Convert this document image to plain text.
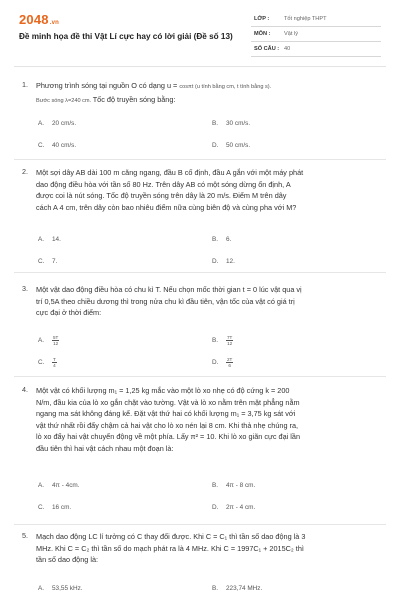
2048.vn
Đề minh họa đề thi Vật Lí cực hay có lời giải (Đề số 13)
LỚP :	Tốt nghiệp THPT
MÔN : Vật lý
SỐ CÂU : 40
1. Phương trình sóng tại nguồn O có dạng u = cosπt (u tính bằng cm, t tính bằng s).
Bước sóng λ=240 cm. Tốc độ truyền sóng bằng:
A. 20 cm/s.	B. 30 cm/s.
C. 40 cm/s.	D. 50 cm/s.
2. Một sợi dây AB dài 100 m căng ngang, đầu B cố định, đầu A gắn với một máy phát
dao động điều hòa với tần số 80 Hz. Trên dây AB có một sóng dừng ổn định, A
được coi là nút sóng. Tốc độ truyền sóng trên dây là 20 m/s. Điểm M trên dây
cách A 4 cm, trên dây còn bao nhiêu điểm nữa cùng biên độ và cùng pha với M?
A. 14.	B. 6.
C. 7.	D. 12.
3. Một vật dao động điều hòa có chu kì T. Nếu chọn mốc thời gian t = 0 lúc vật qua vị
trí 0,5A theo chiều dương thì trong nửa chu kì đầu tiên, vận tốc của vật có giá trị
cực đại ở thời điểm:
A. $\frac{5T}{12}$	B. $\frac{7T}{12}$
C. $\frac{T}{4}$	D. $\frac{2T}{6}$
4. Một vật có khối lượng m₁ = 1,25 kg mắc vào một lò xo nhẹ có độ cứng k = 200
N/m, đầu kia của lò xo gắn chặt vào tường. Vật và lò xo nằm trên mặt phẳng nằm
ngang ma sát không đáng kể. Đặt vật thứ hai có khối lượng m₁ = 3,75 kg sát với
vật thứ nhất rồi đẩy chậm cả hai vật cho lò xo nén lại 8 cm. Khi thả nhẹ chúng ra,
lò xo đẩy hai vật chuyển động về một phía. Lấy π² = 10. Khi lò xo giãn cực đại lần
đầu tiên thì hai vật cách nhau một đoạn là:
A. 4π - 4cm.	B. 4π - 8 cm.
C. 16 cm.	D. 2π - 4 cm.
5. Mạch dao động LC lí tưởng có C thay đổi được. Khi C = C₁ thì tần số dao động là 3
MHz. Khi C = C₂ thì tần số do mạch phát ra là 4 MHz. Khi C = 1997C₁ + 2015C₂ thì
tần số dao động là:
A. 53,55 kHz.	B. 223,74 MHz.
